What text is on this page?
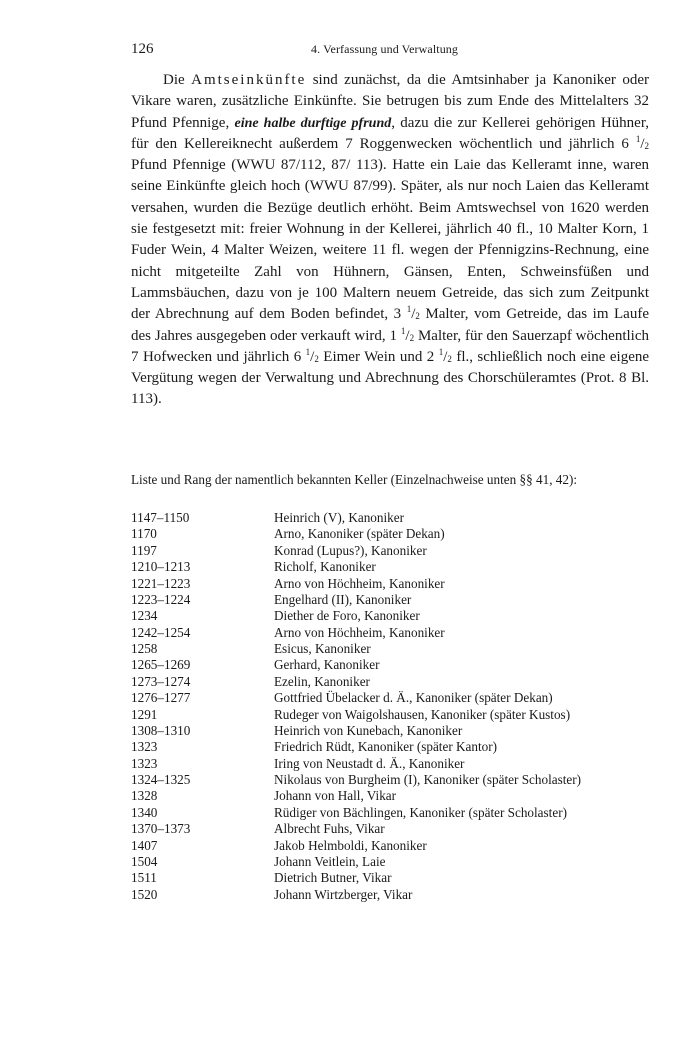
126	4. Verfassung und Verwaltung

Die Amtseinkünfte sind zunächst, da die Amtsinhaber ja Kanoniker oder Vikare waren, zusätzliche Einkünfte. Sie betrugen bis zum Ende des Mittelalters 32 Pfund Pfennige, eine halbe durftige pfrund, dazu die zur Kellerei gehörigen Hühner, für den Kellereiknecht außerdem 7 Roggenwecken wöchentlich und jährlich 6 $^1/_2$ Pfund Pfennige (WWU 87/112, 87/ 113). Hatte ein Laie das Kelleramt inne, waren seine Einkünfte gleich hoch (WWU 87/99). Später, als nur noch Laien das Kelleramt versahen, wurden die Bezüge deutlich erhöht. Beim Amtswechsel von 1620 werden sie festgesetzt mit: freier Wohnung in der Kellerei, jährlich 40 fl., 10 Malter Korn, 1 Fuder Wein, 4 Malter Weizen, weitere 11 fl. wegen der Pfennigzins-Rechnung, eine nicht mitgeteilte Zahl von Hühnern, Gänsen, Enten, Schweinsfüßen und Lammsbäuchen, dazu von je 100 Maltern neuem Getreide, das sich zum Zeitpunkt der Abrechnung auf dem Boden befindet, 3 $^1/_2$ Malter, vom Getreide, das im Laufe des Jahres ausgegeben oder verkauft wird, 1 $^1/_2$ Malter, für den Sauerzapf wöchentlich 7 Hofwecken und jährlich 6 $^1/_2$ Eimer Wein und 2 $^1/_2$ fl., schließlich noch eine eigene Vergütung wegen der Verwaltung und Abrechnung des Chorschüleramtes (Prot. 8 Bl. 113).

Liste und Rang der namentlich bekannten Keller (Einzelnachweise unten §§ 41, 42):
1147–1150	Heinrich (V), Kanoniker
1170	Arno, Kanoniker (später Dekan)
1197	Konrad (Lupus?), Kanoniker
1210–1213	Richolf, Kanoniker
1221–1223	Arno von Höchheim, Kanoniker
1223–1224	Engelhard (II), Kanoniker
1234	Diether de Foro, Kanoniker
1242–1254	Arno von Höchheim, Kanoniker
1258	Esicus, Kanoniker
1265–1269	Gerhard, Kanoniker
1273–1274	Ezelin, Kanoniker
1276–1277	Gottfried Übelacker d. Ä., Kanoniker (später Dekan)
1291	Rudeger von Waigolshausen, Kanoniker (später Kustos)
1308–1310	Heinrich von Kunebach, Kanoniker
1323	Friedrich Rüdt, Kanoniker (später Kantor)
1323	Iring von Neustadt d. Ä., Kanoniker
1324–1325	Nikolaus von Burgheim (I), Kanoniker (später Scholaster)
1328	Johann von Hall, Vikar
1340	Rüdiger von Bächlingen, Kanoniker (später Scholaster)
1370–1373	Albrecht Fuhs, Vikar
1407	Jakob Helmboldi, Kanoniker
1504	Johann Veitlein, Laie
1511	Dietrich Butner, Vikar
1520	Johann Wirtzberger, Vikar
